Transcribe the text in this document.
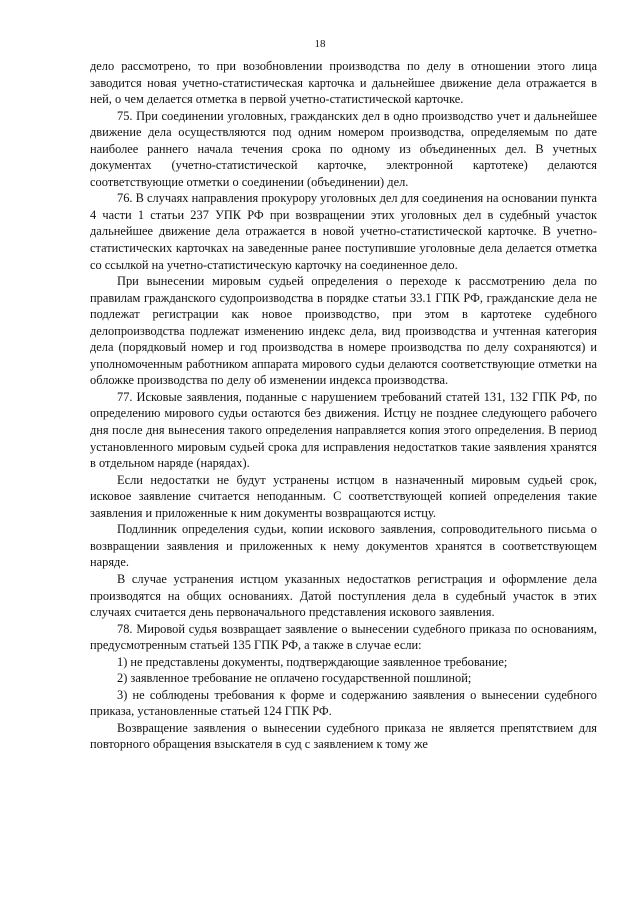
18

дело рассмотрено, то при возобновлении производства по делу в отношении этого лица заводится новая учетно-статистическая карточка и дальнейшее движение дела отражается в ней, о чем делается отметка в первой учетно-статистической карточке.

75. При соединении уголовных, гражданских дел в одно производство учет и дальнейшее движение дела осуществляются под одним номером производства, определяемым по дате наиболее раннего начала течения срока по одному из объединенных дел. В учетных документах (учетно-статистической карточке, электронной картотеке) делаются соответствующие отметки о соединении (объединении) дел.

76. В случаях направления прокурору уголовных дел для соединения на основании пункта 4 части 1 статьи 237 УПК РФ при возвращении этих уголовных дел в судебный участок дальнейшее движение дела отражается в новой учетно-статистической карточке. В учетно-статистических карточках на заведенные ранее поступившие уголовные дела делается отметка со ссылкой на учетно-статистическую карточку на соединенное дело.

При вынесении мировым судьей определения о переходе к рассмотрению дела по правилам гражданского судопроизводства в порядке статьи 33.1 ГПК РФ, гражданские дела не подлежат регистрации как новое производство, при этом в картотеке судебного делопроизводства подлежат изменению индекс дела, вид производства и учтенная категория дела (порядковый номер и год производства в номере производства по делу сохраняются) и уполномоченным работником аппарата мирового судьи делаются соответствующие отметки на обложке производства по делу об изменении индекса производства.

77. Исковые заявления, поданные с нарушением требований статей 131, 132 ГПК РФ, по определению мирового судьи остаются без движения. Истцу не позднее следующего рабочего дня после дня вынесения такого определения направляется копия этого определения. В период установленного мировым судьей срока для исправления недостатков такие заявления хранятся в отдельном наряде (нарядах).

Если недостатки не будут устранены истцом в назначенный мировым судьей срок, исковое заявление считается неподанным. С соответствующей копией определения такие заявления и приложенные к ним документы возвращаются истцу.

Подлинник определения судьи, копии искового заявления, сопроводительного письма о возвращении заявления и приложенных к нему документов хранятся в соответствующем наряде.

В случае устранения истцом указанных недостатков регистрация и оформление дела производятся на общих основаниях. Датой поступления дела в судебный участок в этих случаях считается день первоначального представления искового заявления.

78. Мировой судья возвращает заявление о вынесении судебного приказа по основаниям, предусмотренным статьей 135 ГПК РФ, а также в случае если:

1) не представлены документы, подтверждающие заявленное требование;

2) заявленное требование не оплачено государственной пошлиной;

3) не соблюдены требования к форме и содержанию заявления о вынесении судебного приказа, установленные статьей 124 ГПК РФ.

Возвращение заявления о вынесении судебного приказа не является препятствием для повторного обращения взыскателя в суд с заявлением к тому же
